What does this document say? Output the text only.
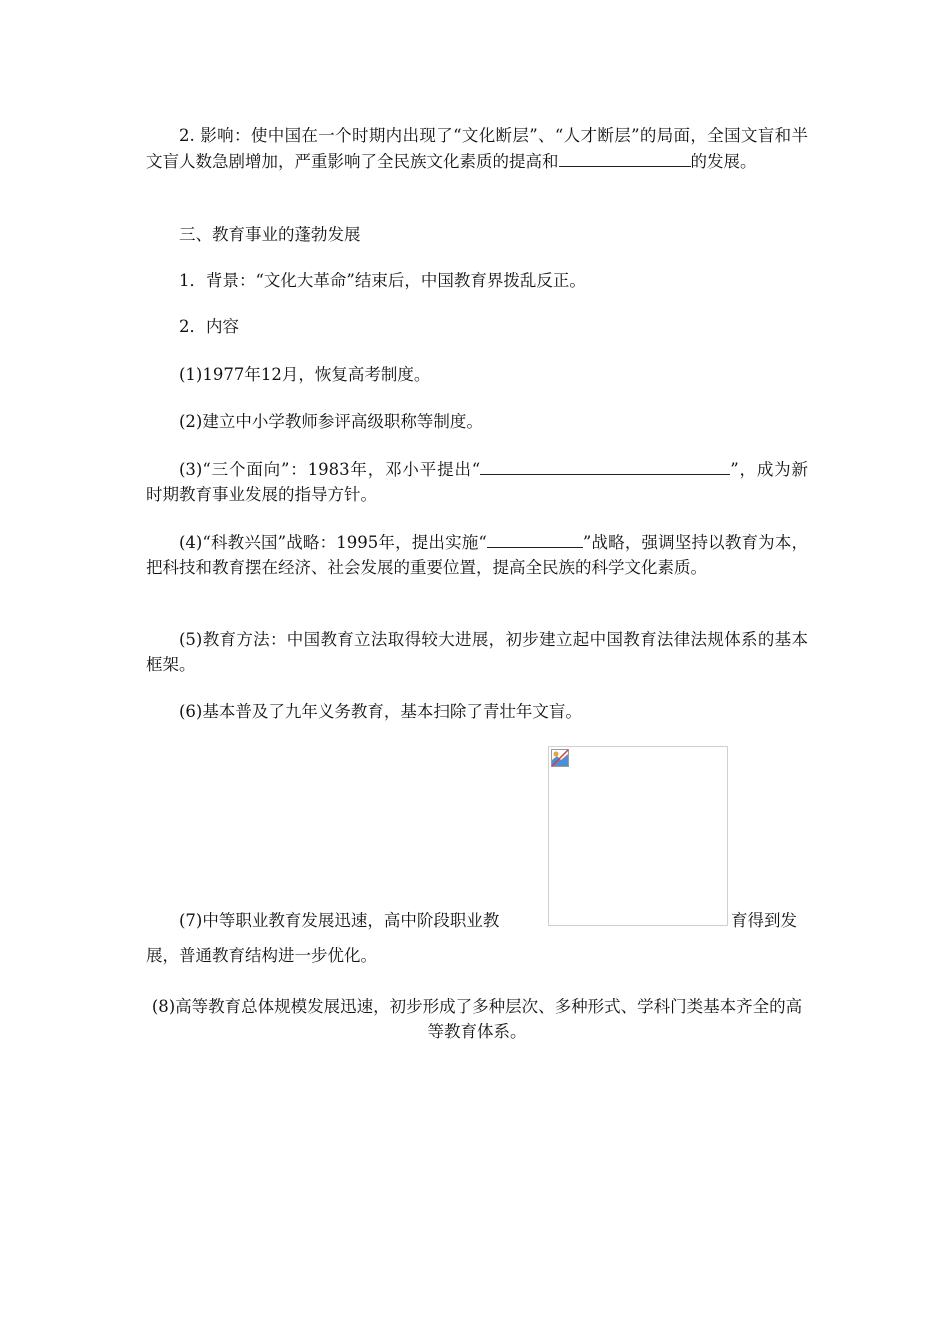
2. 影响：使中国在一个时期内出现了“文化断层”、“人才断层”的局面，全国文盲和半文盲人数急剧增加，严重影响了全民族文化素质的提高和	的发展。

三、教育事业的蓬勃发展

1．背景：“文化大革命”结束后，中国教育界拨乱反正。

2．内容

(1)1977年12月，恢复高考制度。

(2)建立中小学教师参评高级职称等制度。

(3)“三个面向”：1983年，邓小平提出“	”，成为新时期教育事业发展的指导方针。

(4)“科教兴国”战略：1995年，提出实施“	”战略，强调坚持以教育为本，把科技和教育摆在经济、社会发展的重要位置，提高全民族的科学文化素质。

(5)教育方法：中国教育立法取得较大进展，初步建立起中国教育法律法规体系的基本框架。

(6)基本普及了九年义务教育，基本扫除了青壮年文盲。

(7)中等职业教育发展迅速，高中阶段职业教	育得到发
展，普通教育结构进一步优化。

(8)高等教育总体规模发展迅速，初步形成了多种层次、多种形式、学科门类基本齐全的高等教育体系。
